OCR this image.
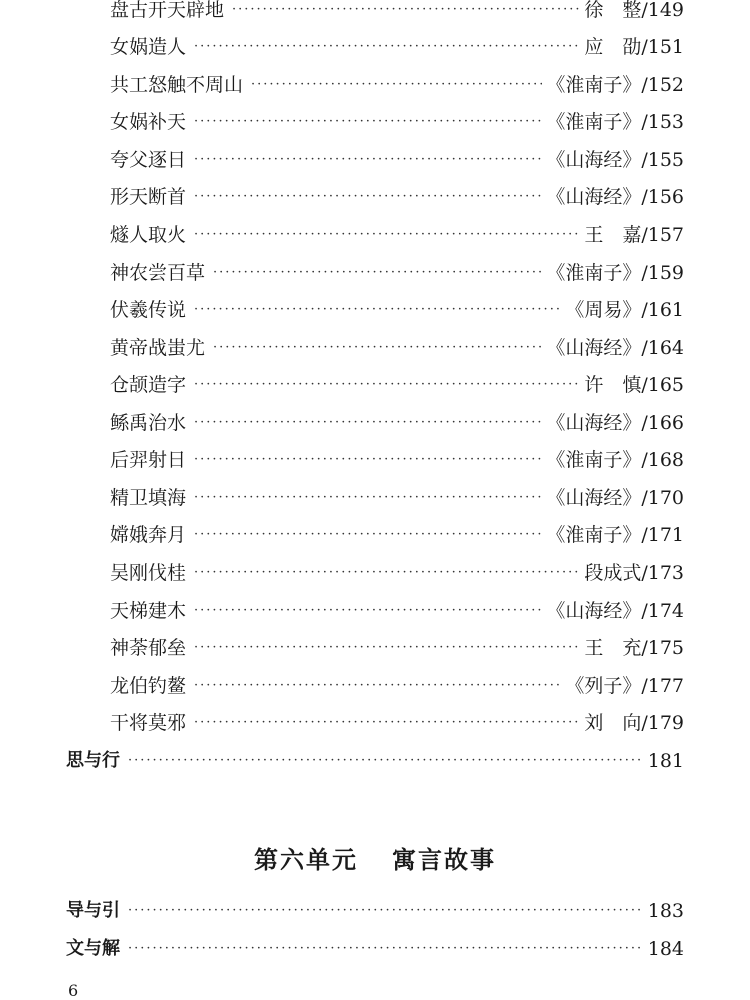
盘古开天辟地 ·····	徐　整 /149
女娲造人 ·····	应　劭 /151
共工怒触不周山 ·····	《淮南子》 /152
女娲补天 ·····	《淮南子》 /153
夸父逐日 ·····	《山海经》 /155
形天断首 ·····	《山海经》 /156
燧人取火 ·····	王　嘉 /157
神农尝百草 ·····	《淮南子》 /159
伏羲传说 ·····	《周易》 /161
黄帝战蚩尤 ·····	《山海经》 /164
仓颉造字 ·····	许　慎 /165
鲧禹治水 ·····	《山海经》 /166
后羿射日 ·····	《淮南子》 /168
精卫填海 ·····	《山海经》 /170
嫦娥奔月 ·····	《淮南子》 /171
吴刚伐桂 ·····	段成式 /173
天梯建木 ·····	《山海经》 /174
神荼郁垒 ·····	王　充 /175
龙伯钓鳌 ·····	《列子》 /177
干将莫邪 ·····	刘　向 /179
思与行 ·····	181
第六单元 寓言故事
导与引 ·····	183
文与解 ·····	184
6
